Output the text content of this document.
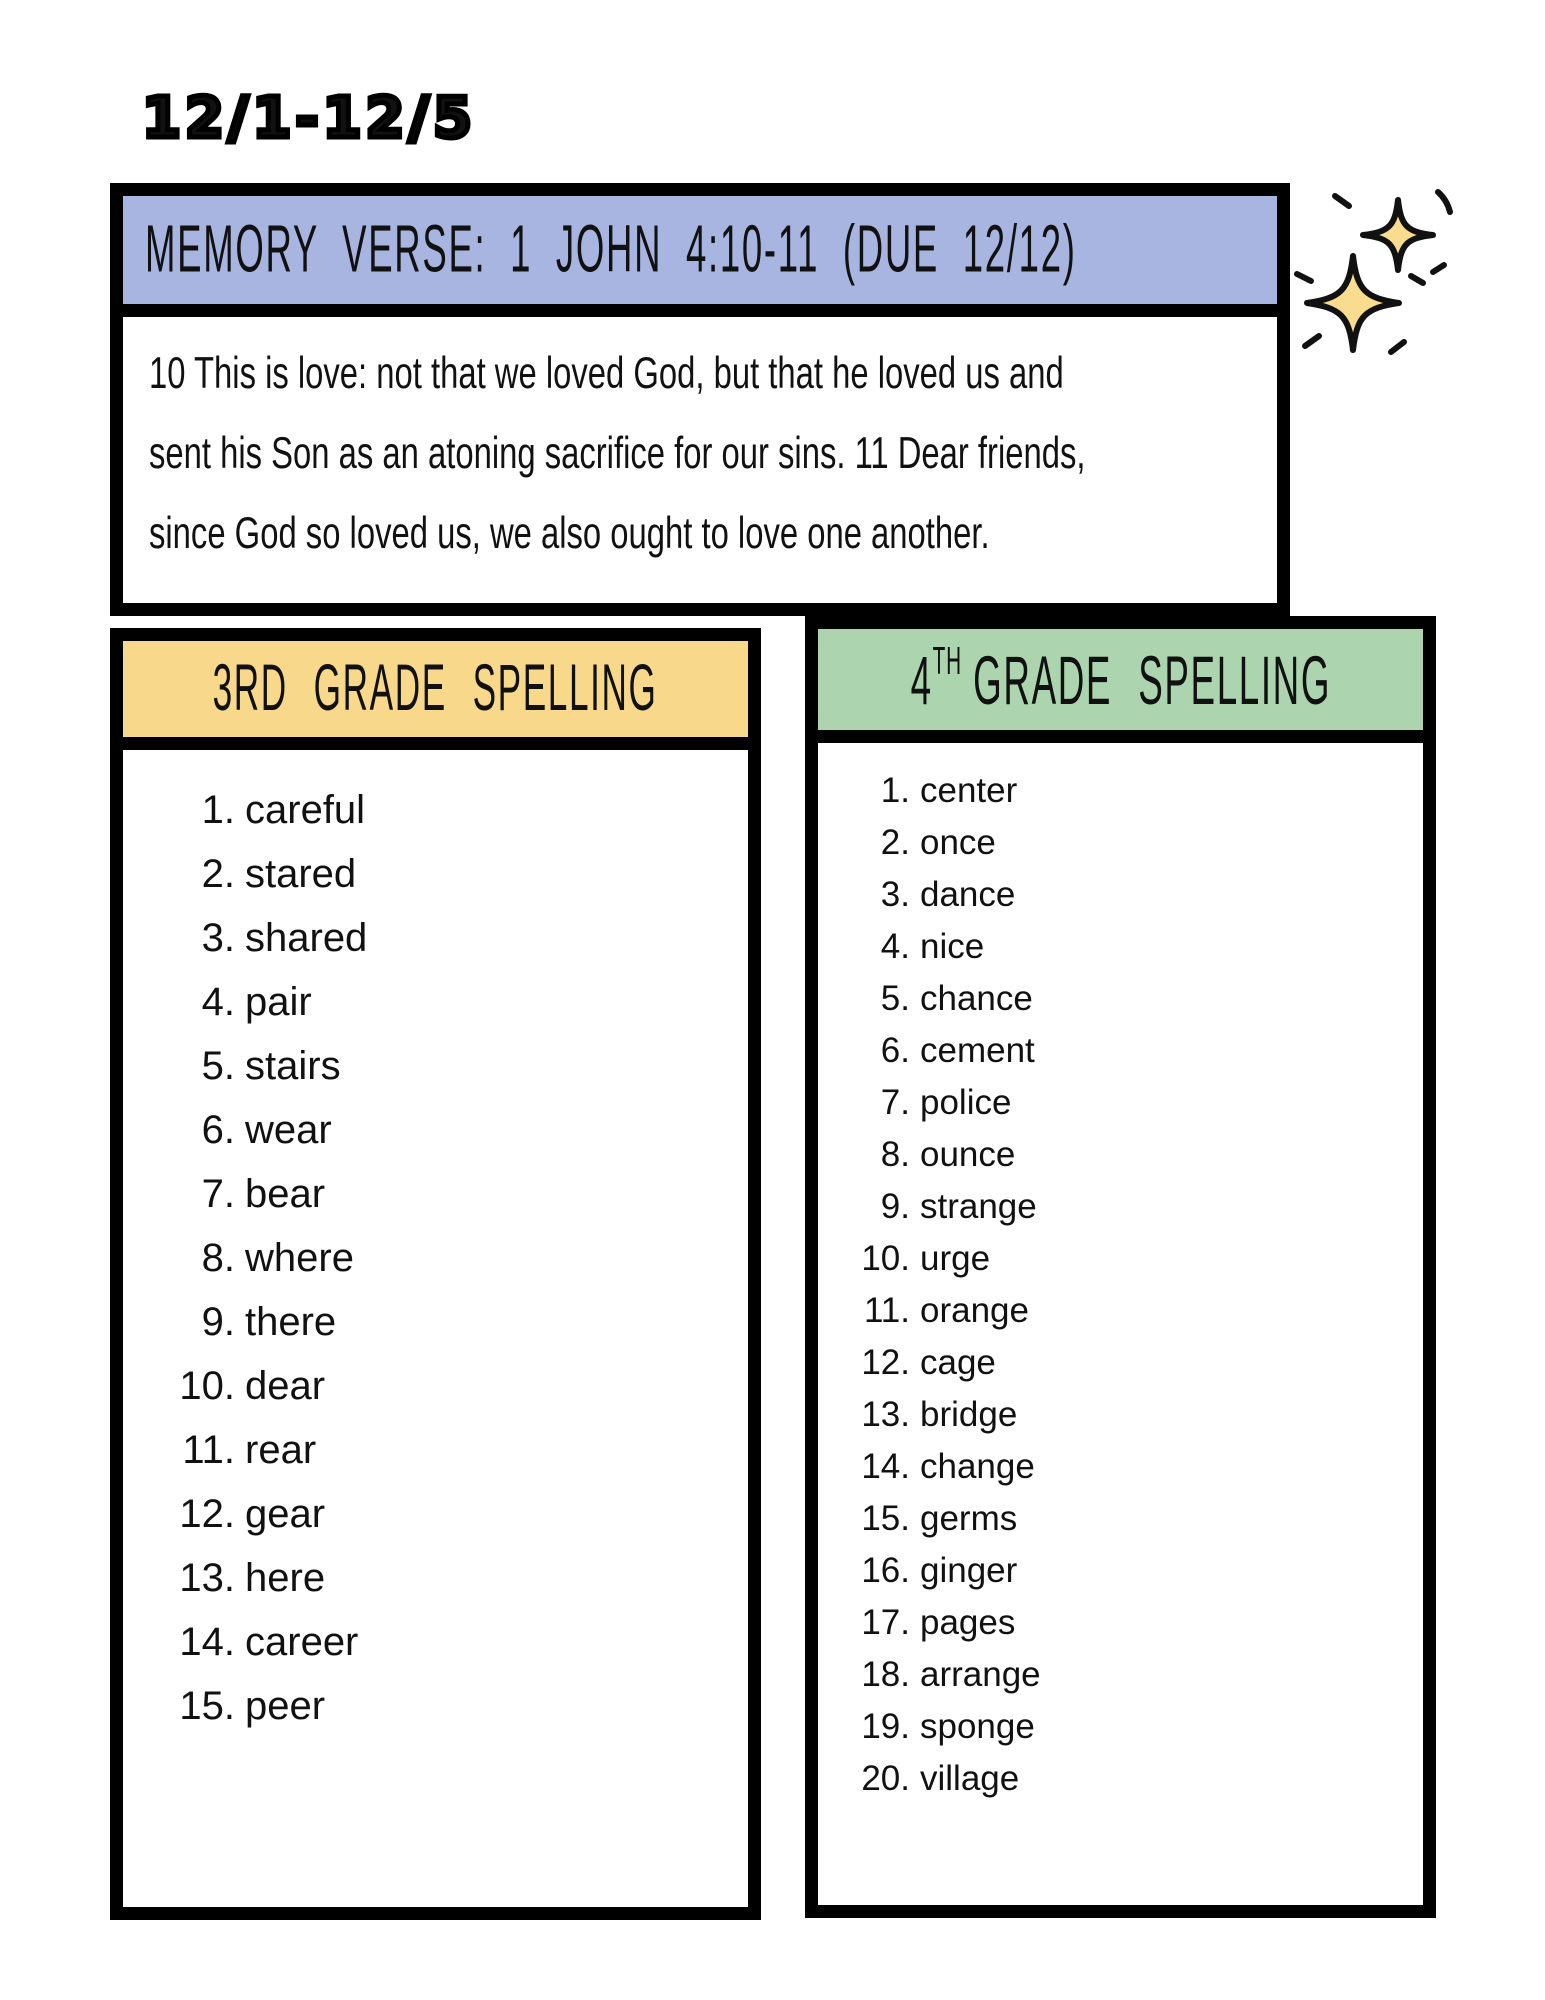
12/1-12/5
MEMORY VERSE: 1 JOHN 4:10-11 (DUE 12/12)
10 This is love: not that we loved God, but that he loved us and
sent his Son as an atoning sacrifice for our sins. 11 Dear friends,
since God so loved us, we also ought to love one another.
3RD GRADE SPELLING
1. careful
2. stared
3. shared
4. pair
5. stairs
6. wear
7. bear
8. where
9. there
10. dear
11. rear
12. gear
13. here
14. career
15. peer
4TH GRADE SPELLING
1. center
2. once
3. dance
4. nice
5. chance
6. cement
7. police
8. ounce
9. strange
10. urge
11. orange
12. cage
13. bridge
14. change
15. germs
16. ginger
17. pages
18. arrange
19. sponge
20. village
